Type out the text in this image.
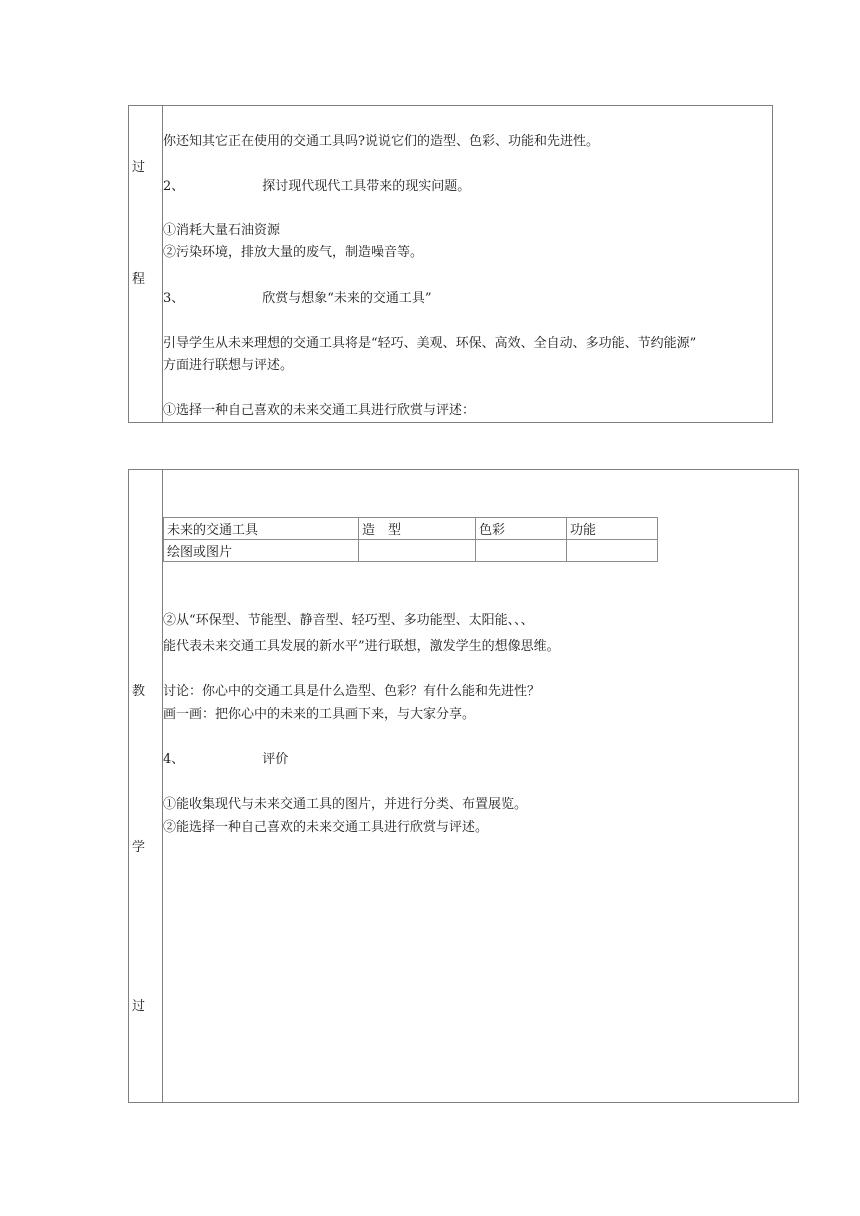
过
程
你还知其它正在使用的交通工具吗?说说它们的造型、色彩、功能和先进性。
2、	探讨现代现代工具带来的现实问题。
①消耗大量石油资源
②污染环境，排放大量的废气，制造噪音等。
3、	欣赏与想象“未来的交通工具”
引导学生从未来理想的交通工具将是“轻巧、美观、环保、高效、全自动、多功能、节约能源”
方面进行联想与评述。
①选择一种自己喜欢的未来交通工具进行欣赏与评述：
教
学
过
未来的交通工具	造　型	色彩	功能
绘图或图片			
②从“环保型、节能型、静音型、轻巧型、多功能型、太阳能、、、
能代表未来交通工具发展的新水平”进行联想，激发学生的想像思维。
讨论：你心中的交通工具是什么造型、色彩？有什么能和先进性？
画一画：把你心中的未来的工具画下来，与大家分享。
4、	评价
①能收集现代与未来交通工具的图片，并进行分类、布置展览。
②能选择一种自己喜欢的未来交通工具进行欣赏与评述。
